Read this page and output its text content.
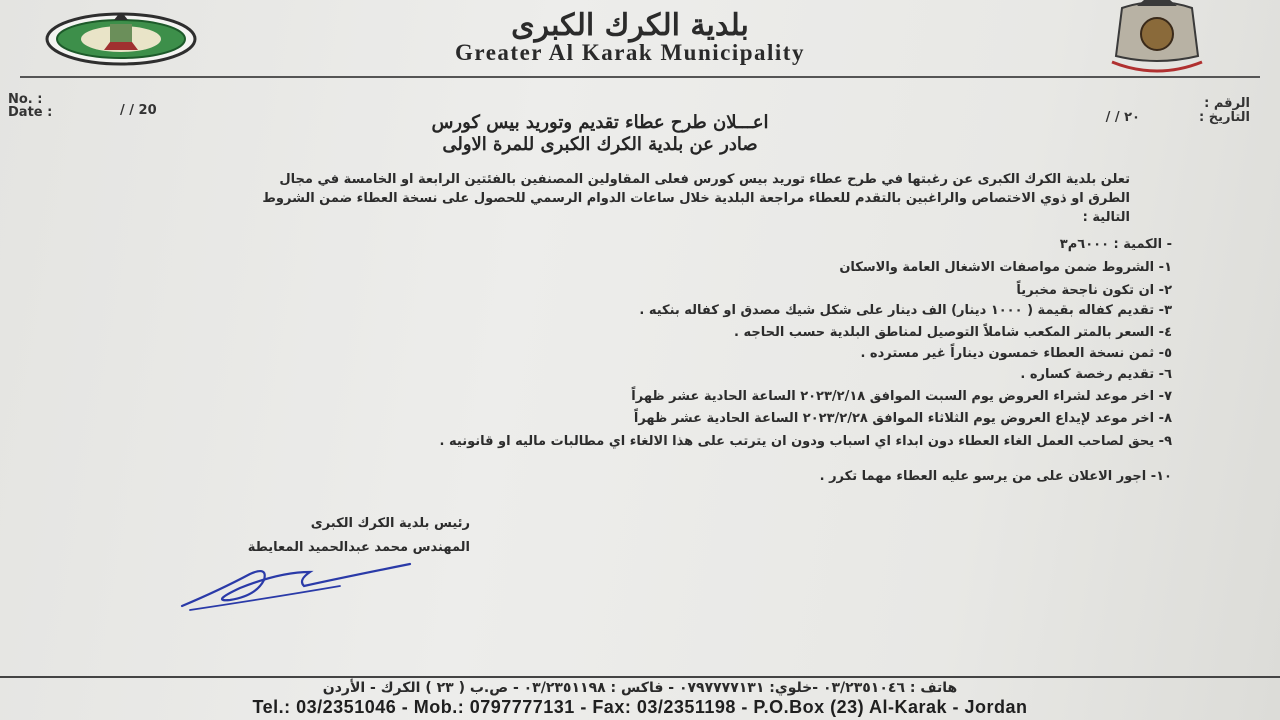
بلدية الكرك الكبرى
Greater Al Karak Municipality
No. :
Date :	/ / 20	الرقم :
التاريخ :
٢٠ / /
اعـــلان طرح عطاء تقديم وتوريد بيس كورس
صادر عن بلدية الكرك الكبرى للمرة الاولى
تعلن بلدية الكرك الكبرى عن رغبتها في طرح عطاء توريد بيس كورس فعلى المقاولين المصنفين بالفئتين الرابعة او الخامسة في مجال الطرق او ذوي الاختصاص والراغبين بالتقدم للعطاء مراجعة البلدية خلال ساعات الدوام الرسمي للحصول على نسخة العطاء ضمن الشروط التالية :
- الكمية : ٦٠٠٠م٣
١- الشروط ضمن مواصفات الاشغال العامة والاسكان
٢- ان تكون ناجحة مخبرياً
٣- تقديم كفاله بقيمة ( ١٠٠٠ دينار) الف دينار على شكل شيك مصدق او كفاله بنكيه .
٤- السعر بالمتر المكعب شاملاً التوصيل لمناطق البلدية حسب الحاجه .
٥- ثمن نسخة العطاء خمسون ديناراً غير مسترده .
٦- تقديم رخصة كساره .
٧- اخر موعد لشراء العروض يوم السبت الموافق ٢٠٢٣/٢/١٨ الساعة الحادية عشر ظهراً
٨- اخر موعد لإيداع العروض يوم الثلاثاء الموافق ٢٠٢٣/٢/٢٨ الساعة الحادية عشر ظهراً
٩- يحق لصاحب العمل الغاء العطاء دون ابداء اي اسباب ودون ان يترتب على هذا الالغاء اي مطالبات ماليه او قانونيه .
١٠- اجور الاعلان على من يرسو عليه العطاء مهما تكرر .
رئيس بلدية الكرك الكبرى
المهندس محمد عبدالحميد المعايطة
هاتف : ٠٣/٢٣٥١٠٤٦ -خلوي: ٠٧٩٧٧٧٧١٣١ - فاكس : ٠٣/٢٣٥١١٩٨ - ص.ب ( ٢٣ ) الكرك - الأردن
Tel.: 03/2351046 - Mob.: 0797777131 - Fax: 03/2351198 - P.O.Box (23) Al-Karak - Jordan
